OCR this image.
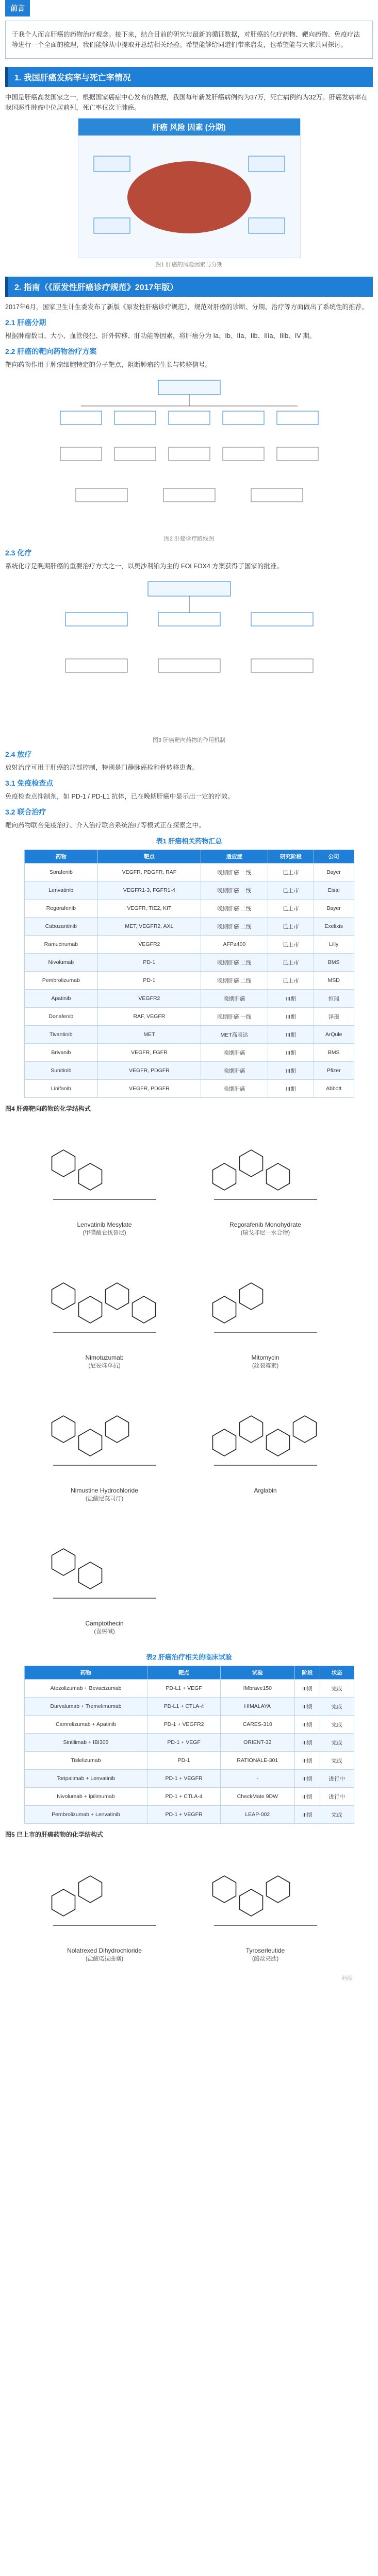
前言

于我个人而言肝癌的药物治疗观念。接下来，结合目前的研究与最新的循证数据，对肝癌的化疗药物、靶向药物、免疫疗法等进行一个全面的梳理，我们能够从中提取并总结相关经验。希望能够给同道们带来启发，也希望能与大家共同探讨。

1. 我国肝癌发病率与死亡率情况

中国是肝癌高发国家之一，根据国家癌症中心发布的数据，我国每年新发肝癌病例约为37万，死亡病例约为32万。肝癌发病率在我国恶性肿瘤中位居前列，死亡率仅次于肺癌。

肝癌 风险 因素 (分期)
图1 肝癌的风险因素与分期
2. 指南（《原发性肝癌诊疗规范》2017年版）

2017年6月，国家卫生计生委发布了新版《原发性肝癌诊疗规范》，规范对肝癌的诊断、分期、治疗等方面做出了系统性的推荐。

2.1 肝癌分期

根据肿瘤数目、大小、血管侵犯、肝外转移、肝功能等因素，将肝癌分为 Ia、Ib、IIa、IIb、IIIa、IIIb、IV 期。

2.2 肝癌的靶向药物治疗方案

靶向药物作用于肿瘤细胞特定的分子靶点，阻断肿瘤的生长与转移信号。

图2 肝癌诊疗路线图
2.3 化疗

系统化疗是晚期肝癌的重要治疗方式之一，以奥沙利铂为主的 FOLFOX4 方案获得了国家的批准。

图3 肝癌靶向药物的作用机制
2.4 放疗

放射治疗可用于肝癌的局部控制，特别是门静脉癌栓和骨转移患者。

3.1 免疫检查点

免疫检查点抑制剂，如 PD-1 / PD-L1 抗体，已在晚期肝癌中显示出一定的疗效。

3.2 联合治疗

靶向药物联合免疫治疗、介入治疗联合系统治疗等模式正在探索之中。

表1 肝癌相关药物汇总
药物	靶点	适应症	研究阶段	公司
Sorafenib	VEGFR, PDGFR, RAF	晚期肝癌 一线	已上市	Bayer
Lenvatinib	VEGFR1-3, FGFR1-4	晚期肝癌 一线	已上市	Eisai
Regorafenib	VEGFR, TIE2, KIT	晚期肝癌 二线	已上市	Bayer
Cabozantinib	MET, VEGFR2, AXL	晚期肝癌 二线	已上市	Exelixis
Ramucirumab	VEGFR2	AFP≥400	已上市	Lilly
Nivolumab	PD-1	晚期肝癌 二线	已上市	BMS
Pembrolizumab	PD-1	晚期肝癌 二线	已上市	MSD
Apatinib	VEGFR2	晚期肝癌	III期	恒瑞
Donafenib	RAF, VEGFR	晚期肝癌 一线	III期	泽璟
Tivantinib	MET	MET高表达	III期	ArQule
Brivanib	VEGFR, FGFR	晚期肝癌	III期	BMS
Sunitinib	VEGFR, PDGFR	晚期肝癌	III期	Pfizer
Linifanib	VEGFR, PDGFR	晚期肝癌	III期	Abbott
图4 肝癌靶向药物的化学结构式
Lenvatinib Mesylate
(甲磺酸仑伐替尼)
Regorafenib Monohydrate
(瑞戈非尼一水合物)
Nimotuzumab
(尼妥珠单抗)
Mitomycin
(丝裂霉素)
Nimustine Hydrochloride
(盐酸尼莫司汀)
Arglabin
Camptothecin
(喜树碱)
表2 肝癌治疗相关的临床试验
药物	靶点	试验	阶段	状态
Atezolizumab + Bevacizumab	PD-L1 + VEGF	IMbrave150	III期	完成
Durvalumab + Tremelimumab	PD-L1 + CTLA-4	HIMALAYA	III期	完成
Camrelizumab + Apatinib	PD-1 + VEGFR2	CARES-310	III期	完成
Sintilimab + IBI305	PD-1 + VEGF	ORIENT-32	III期	完成
Tislelizumab	PD-1	RATIONALE-301	III期	完成
Toripalimab + Lenvatinib	PD-1 + VEGFR	-	III期	进行中
Nivolumab + Ipilimumab	PD-1 + CTLA-4	CheckMate 9DW	III期	进行中
Pembrolizumab + Lenvatinib	PD-1 + VEGFR	LEAP-002	III期	完成
图5 已上市的肝癌药物的化学结构式
Nolatrexed Dihydrochloride
(盐酸诺拉曲塞)
Tyroserleutide
(酪丝亮肽)
药渡
